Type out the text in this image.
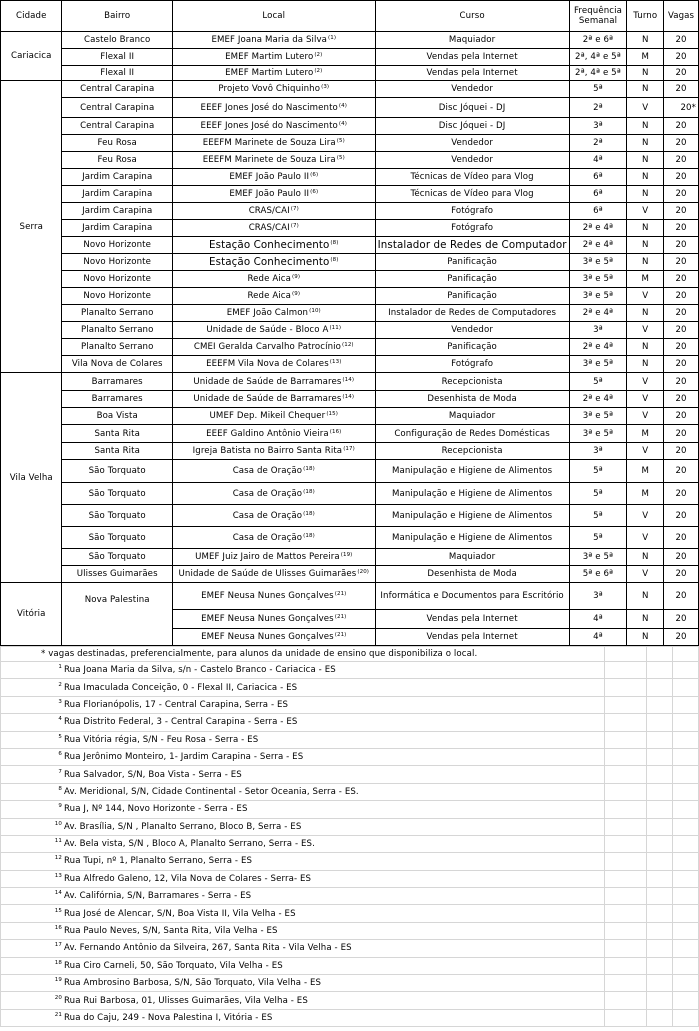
Cidade	Bairro	Local	Curso	Frequência Semanal	Turno	Vagas
Cariacica	Castelo Branco	EMEF Joana Maria da Silva$^{(1)}$	Maquiador	2ª e 6ª	N	20
	Flexal II	EMEF Martim Lutero$^{(2)}$	Vendas pela Internet	2ª, 4ª e 5ª	M	20
	Flexal II	EMEF Martim Lutero$^{(2)}$	Vendas pela Internet	2ª, 4ª e 5ª	N	20
Serra	Central Carapina	Projeto Vovô Chiquinho$^{(3)}$	Vendedor	5ª	N	20
	Central Carapina	EEEF Jones José do Nascimento$^{(4)}$	Disc Jóquei - DJ	2ª	V	20*
	Central Carapina	EEEF Jones José do Nascimento$^{(4)}$	Disc Jóquei - DJ	3ª	N	20
	Feu Rosa	EEEFM Marinete de Souza Lira$^{(5)}$	Vendedor	2ª	N	20
	Feu Rosa	EEEFM Marinete de Souza Lira$^{(5)}$	Vendedor	4ª	N	20
	Jardim Carapina	EMEF João Paulo II$^{(6)}$	Técnicas de Vídeo para Vlog	6ª	N	20
	Jardim Carapina	EMEF João Paulo II$^{(6)}$	Técnicas de Vídeo para Vlog	6ª	N	20
	Jardim Carapina	CRAS/CAI$^{(7)}$	Fotógrafo	6ª	V	20
	Jardim Carapina	CRAS/CAI$^{(7)}$	Fotógrafo	2ª e 4ª	N	20
	Novo Horizonte	Estação Conhecimento$^{(8)}$	Instalador de Redes de Computador	2ª e 4ª	N	20
	Novo Horizonte	Estação Conhecimento$^{(8)}$	Panificação	3ª e 5ª	N	20
	Novo Horizonte	Rede Aica$^{(9)}$	Panificação	3ª e 5ª	M	20
	Novo Horizonte	Rede Aica$^{(9)}$	Panificação	3ª e 5ª	V	20
	Planalto Serrano	EMEF João Calmon$^{(10)}$	Instalador de Redes de Computadores	2ª e 4ª	N	20
	Planalto Serrano	Unidade de Saúde - Bloco $A^{(11)}$	Vendedor	3ª	V	20
	Planalto Serrano	CMEI Geralda Carvalho Patrocínio$^{(12)}$	Panificação	2ª e 4ª	N	20
	Vila Nova de Colares	EEEFM Vila Nova de Colares$^{(13)}$	Fotógrafo	3ª e 5ª	N	20
Vila Velha	Barramares	Unidade de Saúde de Barramares$^{(14)}$	Recepcionista	5ª	V	20
	Barramares	Unidade de Saúde de Barramares$^{(14)}$	Desenhista de Moda	2ª e 4ª	V	20
	Boa Vista	UMEF Dep. Mikeil Chequer$^{(15)}$	Maquiador	3ª e 5ª	V	20
	Santa Rita	EEEF Galdino Antônio Vieira$^{(16)}$	Configuração de Redes Domésticas	3ª e 5ª	M	20
	Santa Rita	Igreja Batista no Bairro Santa Rita$^{(17)}$	Recepcionista	3ª	V	20
	São Torquato	Casa de Oração$^{(18)}$	Manipulação e Higiene de Alimentos	5ª	M	20
	São Torquato	Casa de Oração$^{(18)}$	Manipulação e Higiene de Alimentos	5ª	M	20
	São Torquato	Casa de Oração$^{(18)}$	Manipulação e Higiene de Alimentos	5ª	V	20
	São Torquato	Casa de Oração$^{(18)}$	Manipulação e Higiene de Alimentos	5ª	V	20
	São Torquato	UMEF Juiz Jairo de Mattos Pereira$^{(19)}$	Maquiador	3ª e 5ª	N	20
	Ulisses Guimarães	Unidade de Saúde de Ulisses Guimarães$^{(20)}$	Desenhista de Moda	5ª e 6ª	V	20
Vitória	Nova Palestina	EMEF Neusa Nunes Gonçalves$^{(21)}$	Informática e Documentos para Escritório	3ª	N	20
		EMEF Neusa Nunes Gonçalves$^{(21)}$	Vendas pela Internet	4ª	N	20
		EMEF Neusa Nunes Gonçalves$^{(21)}$	Vendas pela Internet	4ª	N	20
* vagas destinadas, preferencialmente, para alunos da unidade de ensino que disponibiliza o local.				
$^1$ Rua Joana Maria da Silva, s/n - Castelo Branco - Cariacica - ES				
$^2$ Rua Imaculada Conceição, 0 - Flexal II, Cariacica - ES				
$^3$ Rua Florianópolis, 17 - Central Carapina, Serra - ES				
$^4$ Rua Distrito Federal, 3 - Central Carapina - Serra - ES				
$^5$ Rua Vitória régia, S/N - Feu Rosa - Serra - ES				
$^6$ Rua Jerônimo Monteiro, 1- Jardim Carapina - Serra - ES				
$^7$ Rua Salvador, S/N, Boa Vista - Serra - ES				
$^8$ Av. Meridional, S/N, Cidade Continental - Setor Oceania, Serra - ES.				
$^9$ Rua J, Nº 144, Novo Horizonte - Serra - ES				
$^{10}$ Av. Brasília, S/N , Planalto Serrano, Bloco B, Serra - ES				
$^{11}$ Av. Bela vista, S/N , Bloco A, Planalto Serrano, Serra - ES.				
$^{12}$ Rua Tupi, nº 1, Planalto Serrano, Serra - ES				
$^{13}$ Rua Alfredo Galeno, 12, Vila Nova de Colares - Serra- ES				
$^{14}$ Av. Califórnia, S/N, Barramares - Serra - ES				
$^{15}$ Rua José de Alencar, S/N, Boa Vista II, Vila Velha - ES				
$^{16}$ Rua Paulo Neves, S/N, Santa Rita, Vila Velha - ES				
$^{17}$ Av. Fernando Antônio da Silveira, 267, Santa Rita - Vila Velha - ES				
$^{18}$ Rua Ciro Carneli, 50, São Torquato, Vila Velha - ES				
$^{19}$ Rua Ambrosino Barbosa, S/N, São Torquato, Vila Velha - ES				
$^{20}$ Rua Rui Barbosa, 01, Ulisses Guimarães, Vila Velha - ES				
$^{21}$ Rua do Caju, 249 - Nova Palestina I, Vitória - ES				
